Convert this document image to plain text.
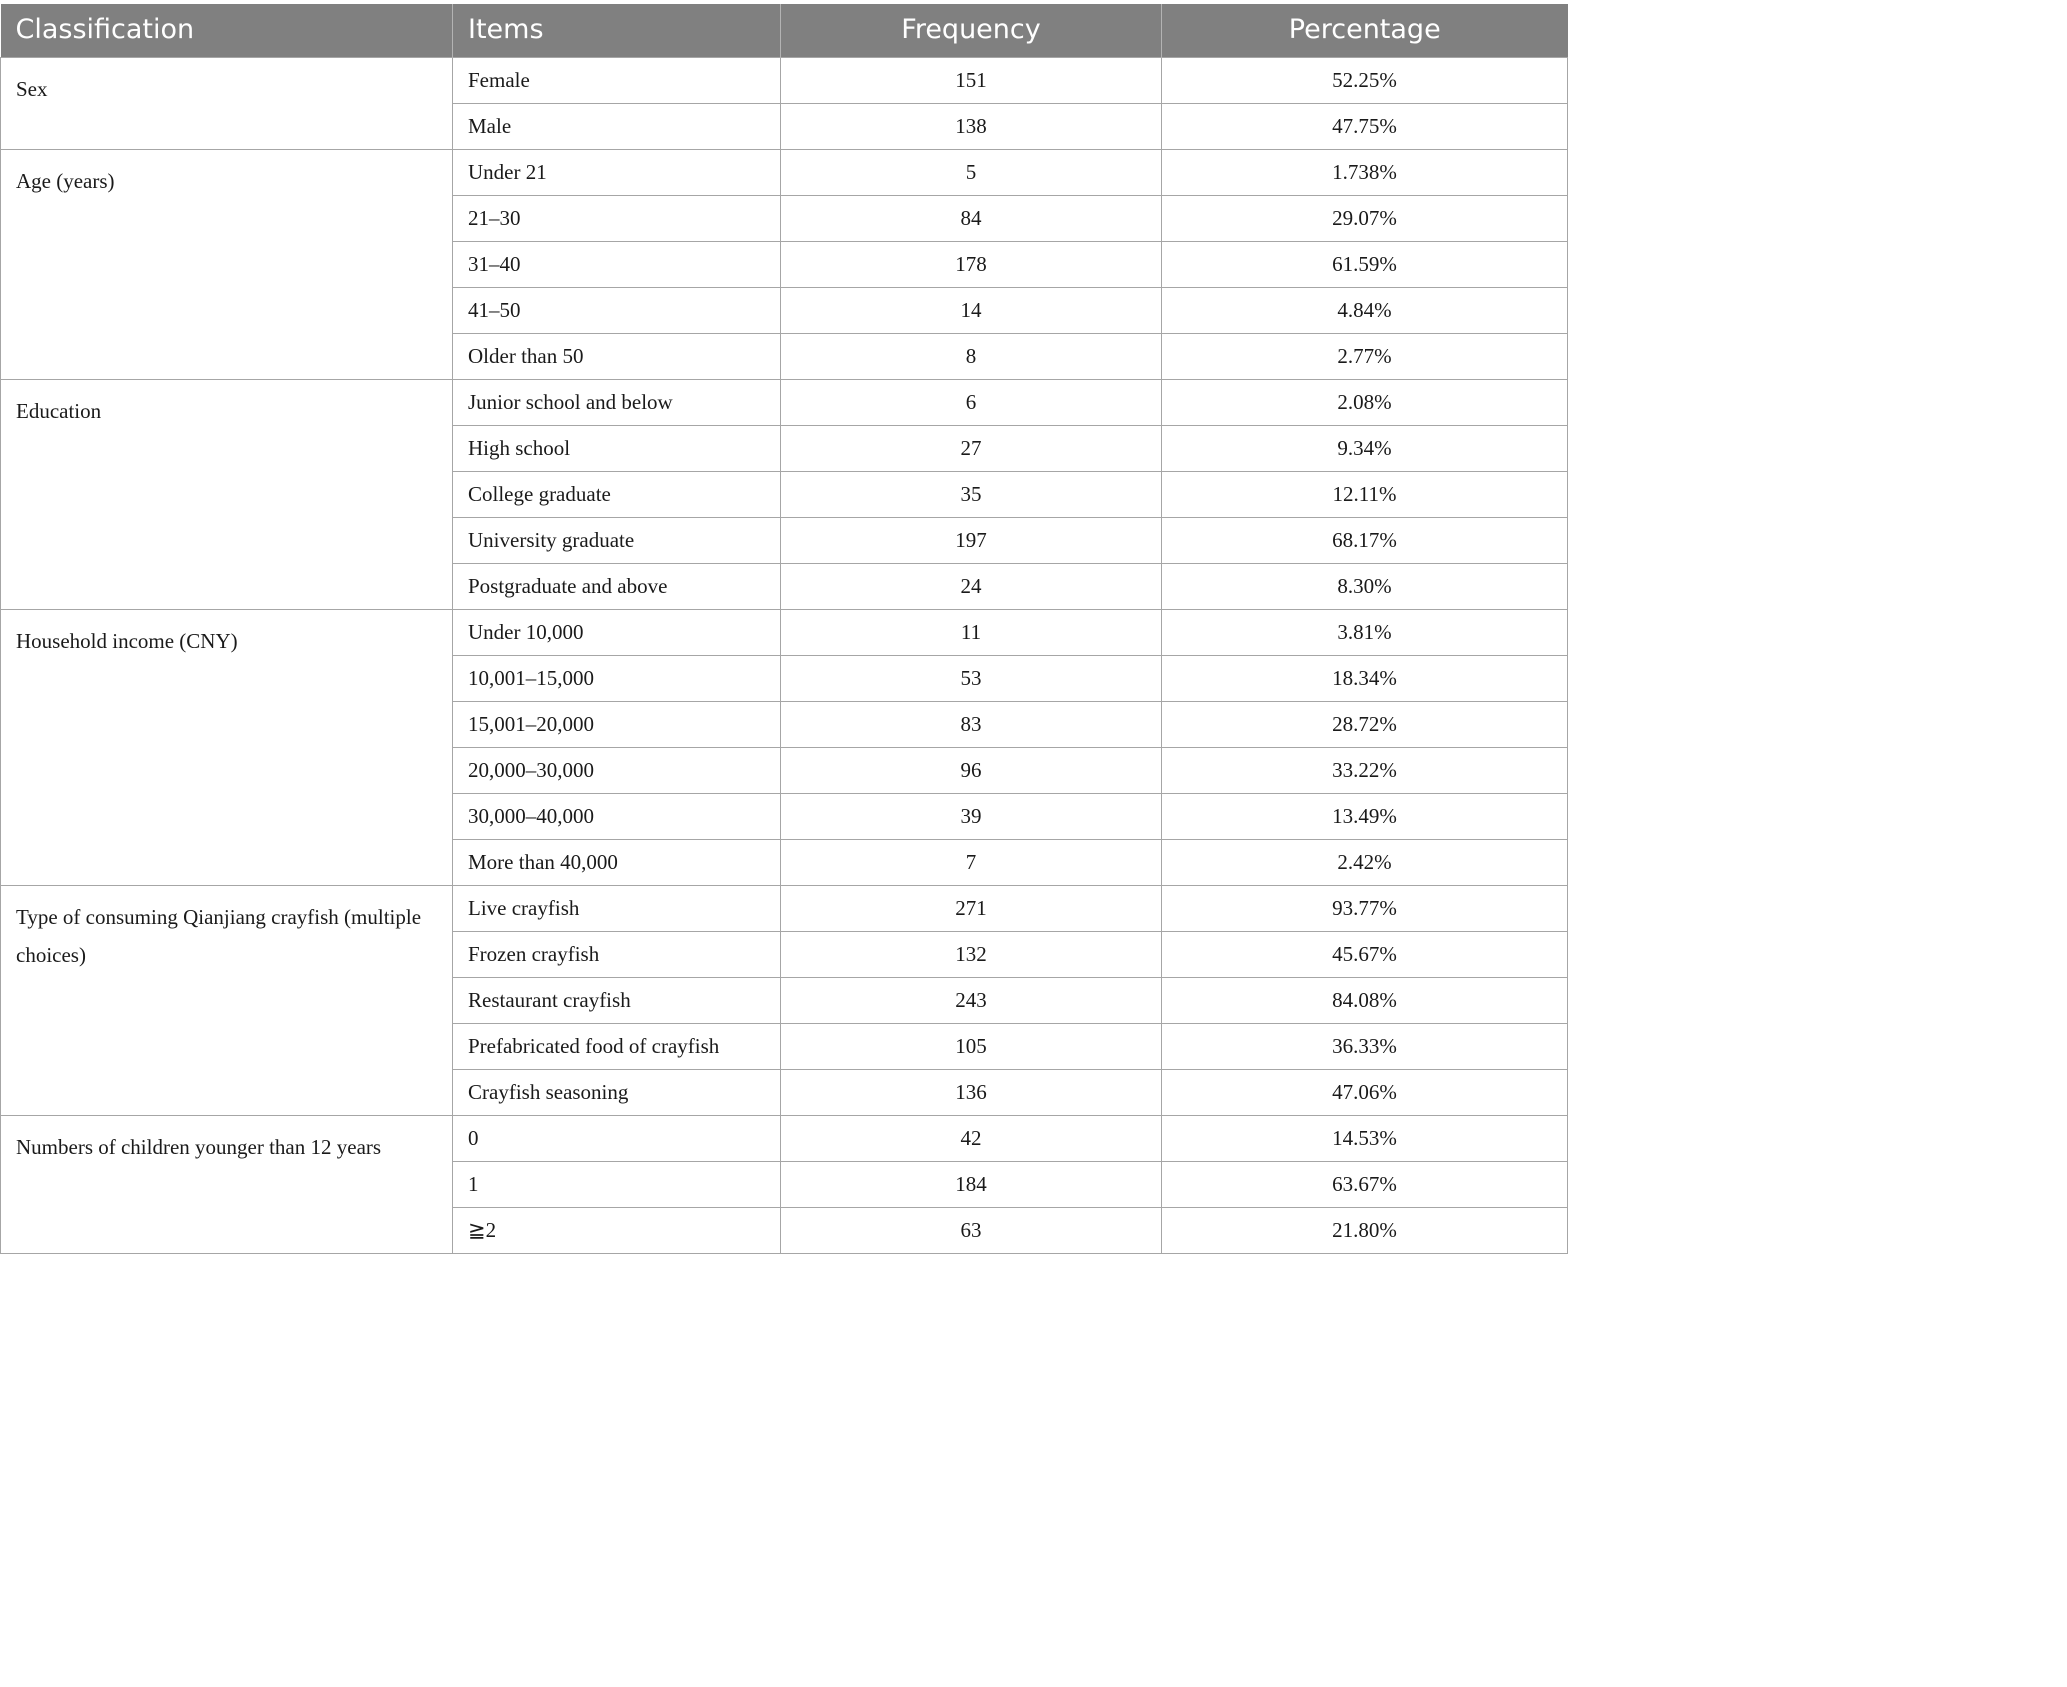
Classification	Items	Frequency	Percentage
Sex	Female	151	52.25%
	Male	138	47.75%
Age (years)	Under 21	5	1.738%
	21–30	84	29.07%
	31–40	178	61.59%
	41–50	14	4.84%
	Older than 50	8	2.77%
Education	Junior school and below	6	2.08%
	High school	27	9.34%
	College graduate	35	12.11%
	University graduate	197	68.17%
	Postgraduate and above	24	8.30%
Household income (CNY)	Under 10,000	11	3.81%
	10,001–15,000	53	18.34%
	15,001–20,000	83	28.72%
	20,000–30,000	96	33.22%
	30,000–40,000	39	13.49%
	More than 40,000	7	2.42%
Type of consuming Qianjiang crayfish (multiple choices)	Live crayfish	271	93.77%
	Frozen crayfish	132	45.67%
	Restaurant crayfish	243	84.08%
	Prefabricated food of crayfish	105	36.33%
	Crayfish seasoning	136	47.06%
Numbers of children younger than 12 years	0	42	14.53%
	1	184	63.67%
	≧2	63	21.80%
